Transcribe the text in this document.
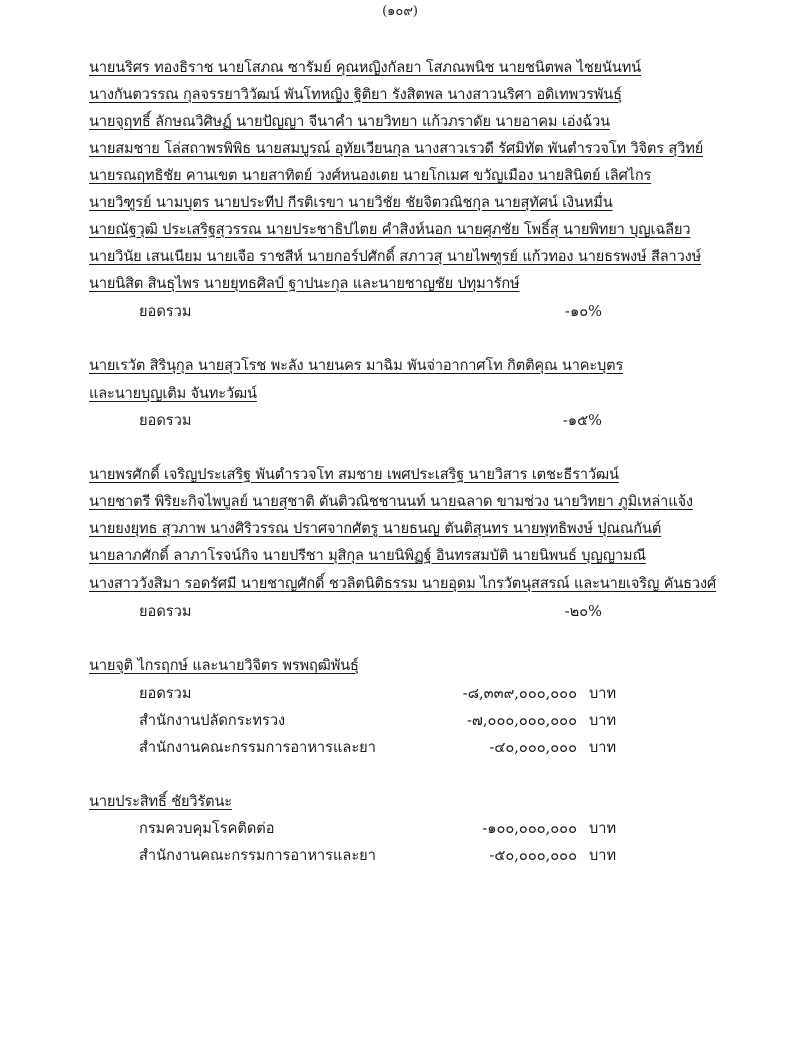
(๑๐๙)
นายนริศร ทองธิราช นายโสภณ ซารัมย์ คุณหญิงกัลยา โสภณพนิช นายชนิตพล ไชยนันทน์
นางกันตวรรณ กุลจรรยาวิวัฒน์ พันโทหญิง ฐิติยา รังสิตพล นางสาวนริศา อดิเทพวรพันธุ์
นายจุฤทธิ์ ลักษณวิศิษฏ์ นายปัญญา จีนาคำ นายวิทยา แก้วภราดัย นายอาคม เอ่งฉ้วน
นายสมชาย โล่สถาพรพิพิธ นายสมบูรณ์ อุทัยเวียนกุล นางสาวเรวดี รัศมิทัต พันตำรวจโท วิจิตร สุวิทย์
นายรณฤทธิชัย คานเขต นายสาทิตย์ วงศ์หนองเตย นายโกเมศ ขวัญเมือง นายสินิตย์ เลิศไกร
นายวิฑูรย์ นามบุตร นายประทีป กีรติเรขา นายวิชัย ชัยจิตวณิชกุล นายสุทัศน์ เงินหมื่น
นายณัฐวุฒิ ประเสริฐสุวรรณ นายประชาธิปไตย คำสิงห์นอก นายศุภชัย โพธิ์สุ นายพิทยา บุญเฉลียว
นายวินัย เสนเนียม นายเจือ ราชสีห์ นายกอร์ปศักดิ์ สภาวสุ นายไพฑูรย์ แก้วทอง นายธรพงษ์ สีลาวงษ์
นายนิสิต สินธุไพร นายยุทธศิลป์ ฐาปนะกุล และนายชาญชัย ปทุมารักษ์
ยอดรวม	-๑๐%
นายเรวัต สิรินุกุล นายสุวโรช พะลัง นายนคร มาฉิม พันจ่าอากาศโท กิตติคุณ นาคะบุตร
และนายบุญเติม จันทะวัฒน์
ยอดรวม	-๑๕%
นายพรศักดิ์ เจริญประเสริฐ พันตำรวจโท สมชาย เพศประเสริฐ นายวิสาร เตชะธีราวัฒน์
นายชาตรี พิริยะกิจไพบูลย์ นายสุชาติ ตันติวณิชชานนท์ นายฉลาด ขามช่วง นายวิทยา ภูมิเหล่าแจ้ง
นายยงยุทธ สุวภาพ นางศิริวรรณ ปราศจากศัตรู นายธนญ ตันติสุนทร นายพุทธิพงษ์ ปุณณกันต์
นายลาภศักดิ์ ลาภาโรจน์กิจ นายปรีชา มุสิกุล นายนิพิฏฐ์ อินทรสมบัติ นายนิพนธ์ บุญญามณี
นางสาววังสิมา รอดรัศมี นายชาญศักดิ์ ชวลิตนิติธรรม นายอุดม ไกรวัตนุสสรณ์ และนายเจริญ คันธวงศ์
ยอดรวม	-๒๐%
นายจุติ ไกรฤกษ์ และนายวิจิตร พรพฤฒิพันธุ์
ยอดรวม	-๘,๓๓๙,๐๐๐,๐๐๐ บาท
สำนักงานปลัดกระทรวง	-๗,๐๐๐,๐๐๐,๐๐๐ บาท
สำนักงานคณะกรรมการอาหารและยา	-๔๐,๐๐๐,๐๐๐ บาท
นายประสิทธิ์ ชัยวิรัตนะ
กรมควบคุมโรคติดต่อ	-๑๐๐,๐๐๐,๐๐๐ บาท
สำนักงานคณะกรรมการอาหารและยา	-๕๐,๐๐๐,๐๐๐ บาท
